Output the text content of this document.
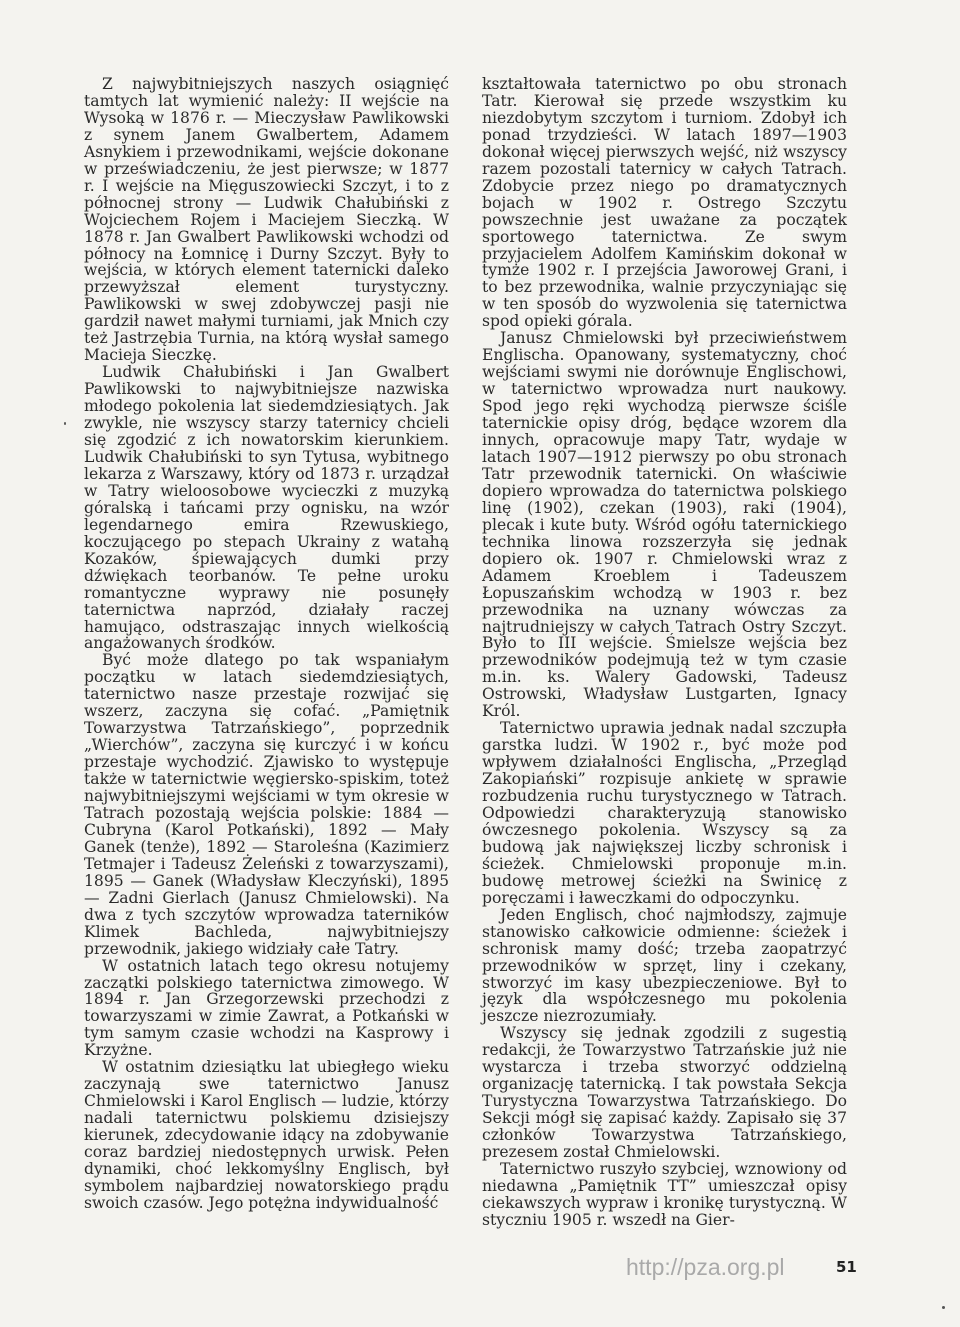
Z najwybitniejszych naszych osiągnięć tamtych lat wymienić należy: II wejście na Wysoką w 1876 r. — Mieczysław Pawlikowski z synem Janem Gwalbertem, Adamem Asnykiem i przewodnikami, wejście dokonane w przeświadczeniu, że jest pierwsze; w 1877 r. I wejście na Mięguszowiecki Szczyt, i to z północnej strony — Ludwik Chałubiński z Wojciechem Rojem i Maciejem Sieczką. W 1878 r. Jan Gwalbert Pawlikowski wchodzi od północy na Łomnicę i Durny Szczyt. Były to wejścia, w których element taternicki daleko przewyższał element turystyczny. Pawlikowski w swej zdobywczej pasji nie gardził nawet małymi turniami, jak Mnich czy też Jastrzębia Turnia, na którą wysłał samego Macieja Sieczkę.

Ludwik Chałubiński i Jan Gwalbert Pawlikowski to najwybitniejsze nazwiska młodego pokolenia lat siedemdziesiątych. Jak zwykle, nie wszyscy starzy taternicy chcieli się zgodzić z ich nowatorskim kierunkiem. Ludwik Chałubiński to syn Tytusa, wybitnego lekarza z Warszawy, który od 1873 r. urządzał w Tatry wieloosobowe wycieczki z muzyką góralską i tańcami przy ognisku, na wzór legendarnego emira Rzewuskiego, koczującego po stepach Ukrainy z watahą Kozaków, śpiewających dumki przy dźwiękach teorbanów. Te pełne uroku romantyczne wyprawy nie posunęły taternictwa naprzód, działały raczej hamująco, odstraszając innych wielkością angażowanych środków.

Być może dlatego po tak wspaniałym początku w latach siedemdziesiątych, taternictwo nasze przestaje rozwijać się wszerz, zaczyna się cofać. „Pamiętnik Towarzystwa Tatrzańskiego”, poprzednik „Wierchów”, zaczyna się kurczyć i w końcu przestaje wychodzić. Zjawisko to występuje także w taternictwie węgiersko-spiskim, toteż najwybitniejszymi wejściami w tym okresie w Tatrach pozostają wejścia polskie: 1884 — Cubryna (Karol Potkański), 1892 — Mały Ganek (tenże), 1892 — Staroleśna (Kazimierz Tetmajer i Tadeusz Żeleński z towarzyszami), 1895 — Ganek (Władysław Kleczyński), 1895 — Zadni Gierlach (Janusz Chmielowski). Na dwa z tych szczytów wprowadza taterników Klimek Bachleda, najwybitniejszy przewodnik, jakiego widziały całe Tatry.

W ostatnich latach tego okresu notujemy zaczątki polskiego taternictwa zimowego. W 1894 r. Jan Grzegorzewski przechodzi z towarzyszami w zimie Zawrat, a Potkański w tym samym czasie wchodzi na Kasprowy i Krzyżne.

W ostatnim dziesiątku lat ubiegłego wieku zaczynają swe taternictwo Janusz Chmielowski i Karol Englisch — ludzie, którzy nadali taternictwu polskiemu dzisiejszy kierunek, zdecydowanie idący na zdobywanie coraz bardziej niedostępnych urwisk. Pełen dynamiki, choć lekkomyślny Englisch, był symbolem najbardziej nowatorskiego prądu swoich czasów. Jego potężna indywidualność

kształtowała taternictwo po obu stronach Tatr. Kierował się przede wszystkim ku niezdobytym szczytom i turniom. Zdobył ich ponad trzydzieści. W latach 1897—1903 dokonał więcej pierwszych wejść, niż wszyscy razem pozostali taternicy w całych Tatrach. Zdobycie przez niego po dramatycznych bojach w 1902 r. Ostrego Szczytu powszechnie jest uważane za początek sportowego taternictwa. Ze swym przyjacielem Adolfem Kamińskim dokonał w tymże 1902 r. I przejścia Jaworowej Grani, i to bez przewodnika, walnie przyczyniając się w ten sposób do wyzwolenia się taternictwa spod opieki górala.

Janusz Chmielowski był przeciwieństwem Englischa. Opanowany, systematyczny, choć wejściami swymi nie dorównuje Englischowi, w taternictwo wprowadza nurt naukowy. Spod jego ręki wychodzą pierwsze ściśle taternickie opisy dróg, będące wzorem dla innych, opracowuje mapy Tatr, wydaje w latach 1907—1912 pierwszy po obu stronach Tatr przewodnik taternicki. On właściwie dopiero wprowadza do taternictwa polskiego linę (1902), czekan (1903), raki (1904), plecak i kute buty. Wśród ogółu taternickiego technika linowa rozszerzyła się jednak dopiero ok. 1907 r. Chmielowski wraz z Adamem Kroeblem i Tadeuszem Łopuszańskim wchodzą w 1903 r. bez przewodnika na uznany wówczas za najtrudniejszy w całych Tatrach Ostry Szczyt. Było to III wejście. Śmielsze wejścia bez przewodników podejmują też w tym czasie m.in. ks. Walery Gadowski, Tadeusz Ostrowski, Władysław Lustgarten, Ignacy Król.

Taternictwo uprawia jednak nadal szczupła garstka ludzi. W 1902 r., być może pod wpływem działalności Englischa, „Przegląd Zakopiański” rozpisuje ankietę w sprawie rozbudzenia ruchu turystycznego w Tatrach. Odpowiedzi charakteryzują stanowisko ówczesnego pokolenia. Wszyscy są za budową jak największej liczby schronisk i ścieżek. Chmielowski proponuje m.in. budowę metrowej ścieżki na Świnicę z poręczami i ławeczkami do odpoczynku.

Jeden Englisch, choć najmłodszy, zajmuje stanowisko całkowicie odmienne: ścieżek i schronisk mamy dość; trzeba zaopatrzyć przewodników w sprzęt, liny i czekany, stworzyć im kasy ubezpieczeniowe. Był to język dla współczesnego mu pokolenia jeszcze niezrozumiały.

Wszyscy się jednak zgodzili z sugestią redakcji, że Towarzystwo Tatrzańskie już nie wystarcza i trzeba stworzyć oddzielną organizację taternicką. I tak powstała Sekcja Turystyczna Towarzystwa Tatrzańskiego. Do Sekcji mógł się zapisać każdy. Zapisało się 37 członków Towarzystwa Tatrzańskiego, prezesem został Chmielowski.

Taternictwo ruszyło szybciej, wznowiony od niedawna „Pamiętnik TT” umieszczał opisy ciekawszych wypraw i kronikę turystyczną. W styczniu 1905 r. wszedł na Gier-

http://pza.org.pl	51
